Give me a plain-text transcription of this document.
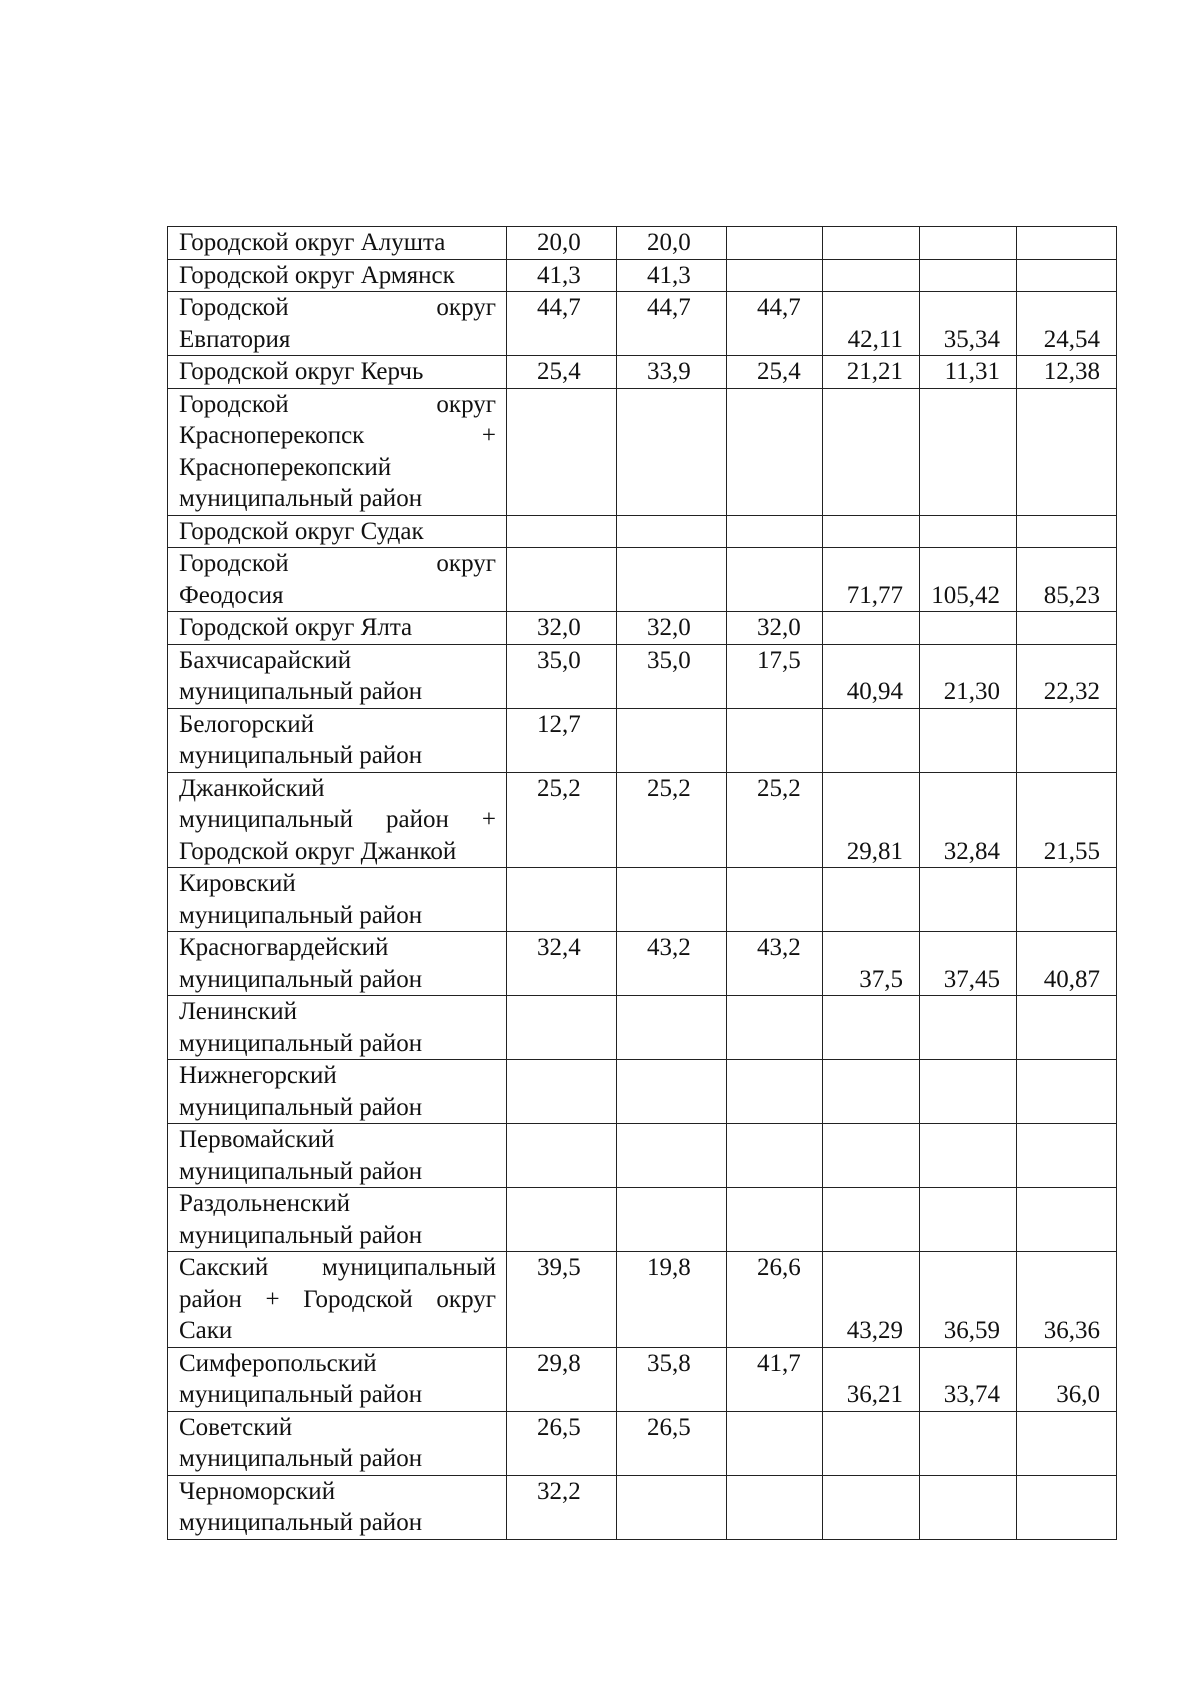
Городской округ Алушта	20,0	20,0				

Городской округ Армянск	41,3	41,3				

Городской округ
Евпатория	44,7	44,7	44,7	42,11	35,34	24,54

Городской округ Керчь	25,4	33,9	25,4	21,21	11,31	12,38

Городской округ
Красноперекопск +
Красноперекопский
муниципальный район						

Городской округ Судак						

Городской округ
Феодосия				71,77	105,42	85,23

Городской округ Ялта	32,0	32,0	32,0			

Бахчисарайский
муниципальный район	35,0	35,0	17,5	40,94	21,30	22,32

Белогорский
муниципальный район	12,7					

Джанкойский
муниципальный район +
Городской округ Джанкой	25,2	25,2	25,2	29,81	32,84	21,55

Кировский
муниципальный район						

Красногвардейский
муниципальный район	32,4	43,2	43,2	37,5	37,45	40,87

Ленинский
муниципальный район						

Нижнегорский
муниципальный район						

Первомайский
муниципальный район						

Раздольненский
муниципальный район						

Сакский муниципальный
район + Городской округ
Саки	39,5	19,8	26,6	43,29	36,59	36,36

Симферопольский
муниципальный район	29,8	35,8	41,7	36,21	33,74	36,0

Советский
муниципальный район	26,5	26,5				

Черноморский
муниципальный район	32,2					
